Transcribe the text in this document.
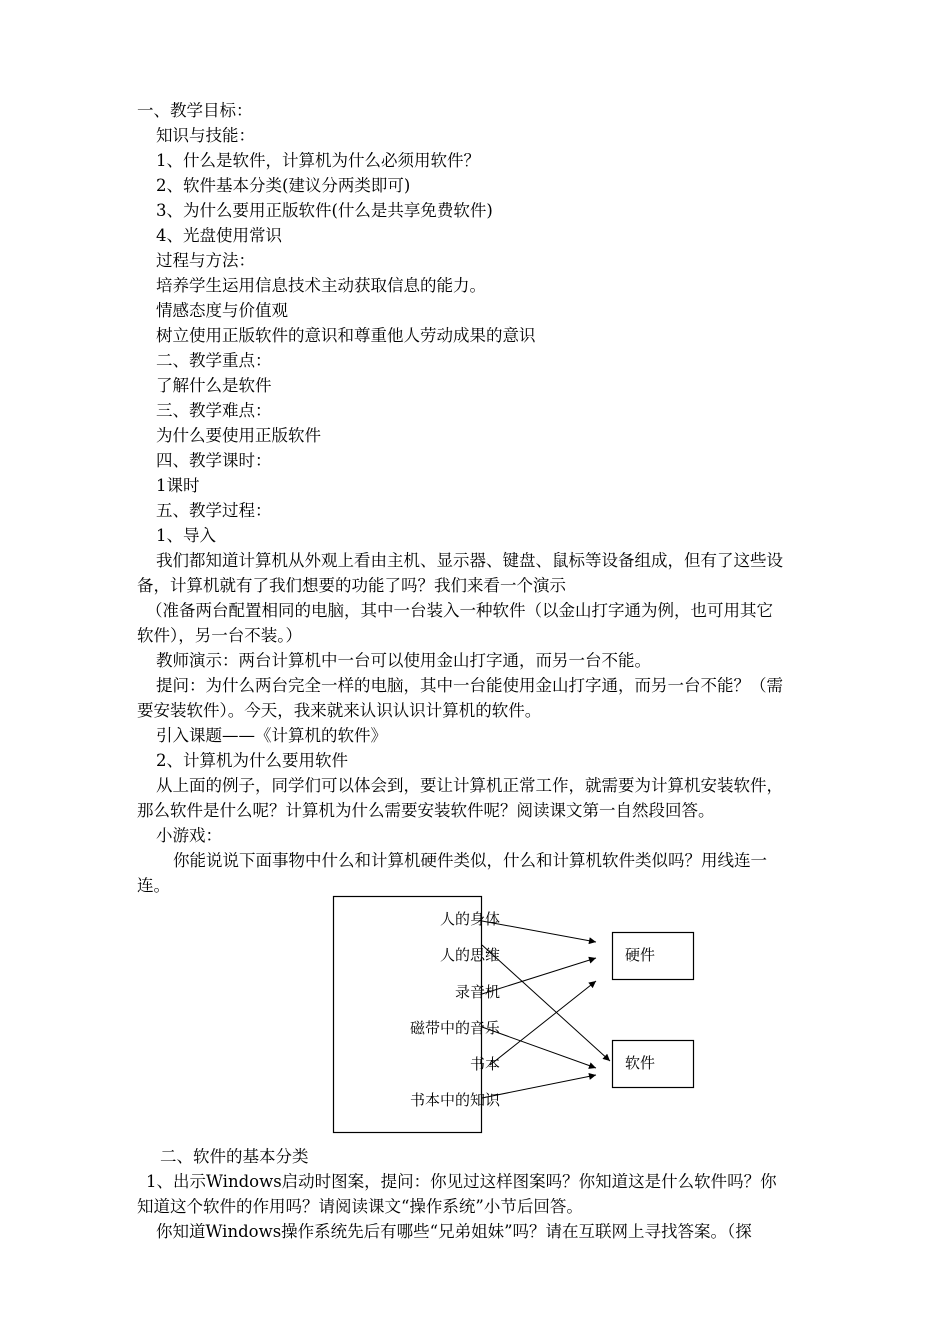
一、教学目标：
知识与技能：
1、什么是软件，计算机为什么必须用软件？
2、软件基本分类(建议分两类即可)
3、为什么要用正版软件(什么是共享免费软件)
4、光盘使用常识
过程与方法：
培养学生运用信息技术主动获取信息的能力。
情感态度与价值观
树立使用正版软件的意识和尊重他人劳动成果的意识
二、教学重点：
了解什么是软件
三、教学难点：
为什么要使用正版软件
四、教学课时：
1课时
五、教学过程：
1、导入
我们都知道计算机从外观上看由主机、显示器、键盘、鼠标等设备组成，但有了这些设
备，计算机就有了我们想要的功能了吗？我们来看一个演示
（准备两台配置相同的电脑，其中一台装入一种软件（以金山打字通为例，也可用其它
软件），另一台不装。）
教师演示：两台计算机中一台可以使用金山打字通，而另一台不能。
提问：为什么两台完全一样的电脑，其中一台能使用金山打字通，而另一台不能？（需
要安装软件）。今天，我来就来认识认识计算机的软件。
引入课题——《计算机的软件》
2、计算机为什么要用软件
从上面的例子，同学们可以体会到，要让计算机正常工作，就需要为计算机安装软件，
那么软件是什么呢？计算机为什么需要安装软件呢？阅读课文第一自然段回答。
小游戏：
你能说说下面事物中什么和计算机硬件类似，什么和计算机软件类似吗？用线连一
连。
人的身体
人的思维
录音机
磁带中的音乐
书本
书本中的知识
硬件
软件
二、软件的基本分类
1、出示Windows启动时图案，提问：你见过这样图案吗？你知道这是什么软件吗？你
知道这个软件的作用吗？请阅读课文“操作系统”小节后回答。
你知道Windows操作系统先后有哪些“兄弟姐妹”吗？请在互联网上寻找答案。（探
